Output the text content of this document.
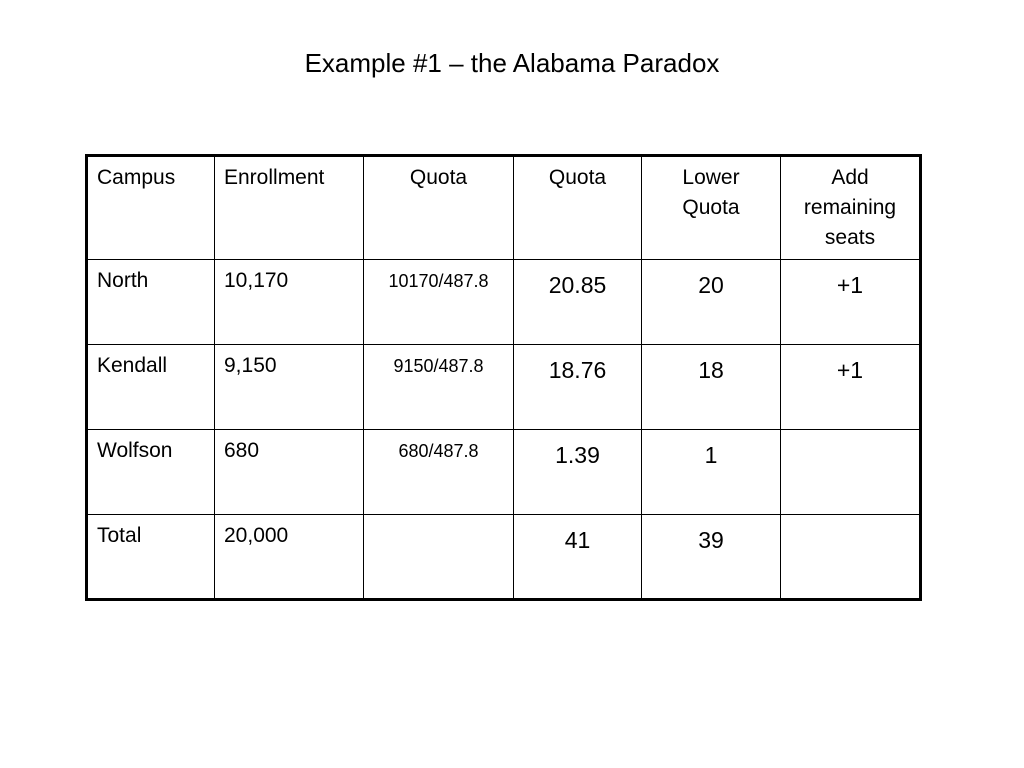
Example #1 – the Alabama Paradox
Campus	Enrollment	Quota	Quota	Lower Quota	Add remaining seats
North	10,170	10170/487.8	20.85	20	+1
Kendall	9,150	9150/487.8	18.76	18	+1
Wolfson	680	680/487.8	1.39	1	
Total	20,000		41	39	
